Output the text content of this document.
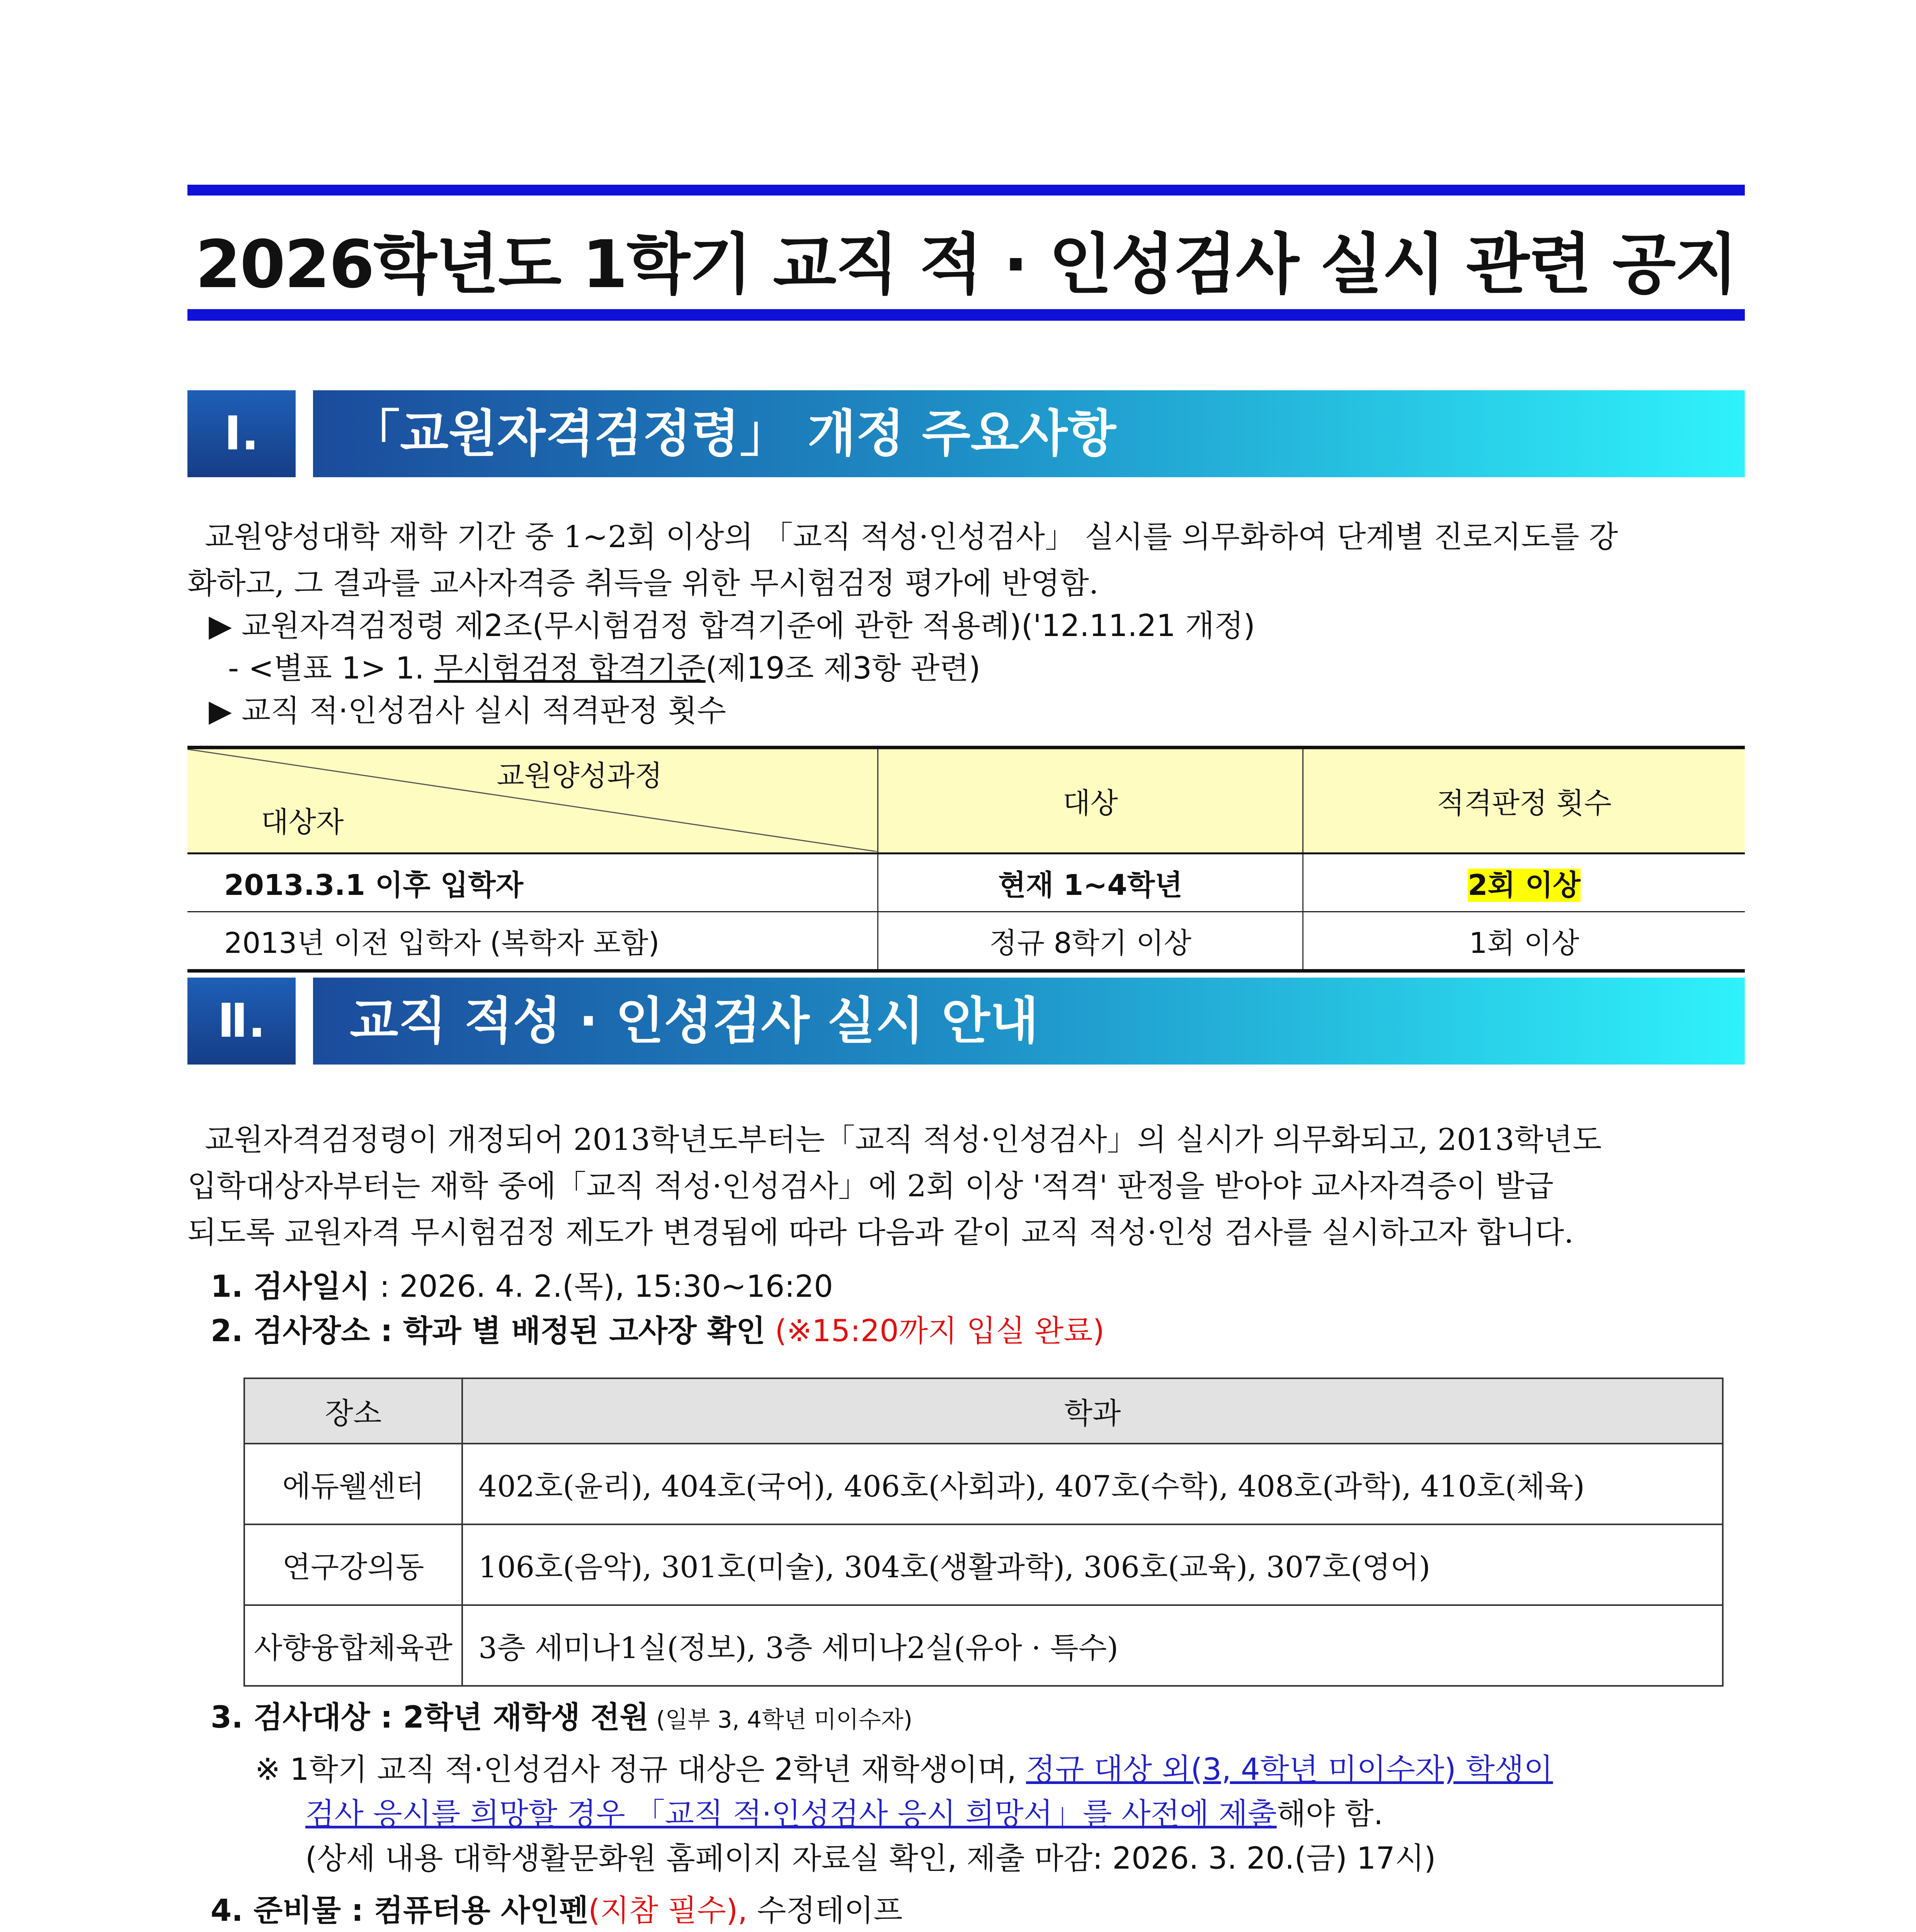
2026학년도 1학기 교직 적 · 인성검사 실시 관련 공지
Ⅰ.	「교원자격검정령」 개정 주요사항
교원양성대학 재학 기간 중 1~2회 이상의 「교직 적성·인성검사」 실시를 의무화하여 단계별 진로지도를 강
화하고, 그 결과를 교사자격증 취득을 위한 무시험검정 평가에 반영함.
▶ 교원자격검정령 제2조(무시험검정 합격기준에 관한 적용례)('12.11.21 개정)
- <별표 1> 1. 무시험검정 합격기준(제19조 제3항 관련)
▶ 교직 적·인성검사 실시 적격판정 횟수
교원양성과정
대상자	대상	적격판정 횟수
2013.3.1 이후 입학자	현재 1~4학년	2회 이상
2013년 이전 입학자 (복학자 포함)	정규 8학기 이상	1회 이상
Ⅱ.	교직 적성 · 인성검사 실시 안내
교원자격검정령이 개정되어 2013학년도부터는「교직 적성·인성검사」의 실시가 의무화되고, 2013학년도
입학대상자부터는 재학 중에「교직 적성·인성검사」에 2회 이상 '적격' 판정을 받아야 교사자격증이 발급
되도록 교원자격 무시험검정 제도가 변경됨에 따라 다음과 같이 교직 적성·인성 검사를 실시하고자 합니다.
1. 검사일시 : 2026. 4. 2.(목), 15:30~16:20
2. 검사장소 : 학과 별 배정된 고사장 확인 (※15:20까지 입실 완료)
장소	학과
에듀웰센터	402호(윤리), 404호(국어), 406호(사회과), 407호(수학), 408호(과학), 410호(체육)
연구강의동	106호(음악), 301호(미술), 304호(생활과학), 306호(교육), 307호(영어)
사향융합체육관	3층 세미나1실(정보), 3층 세미나2실(유아 · 특수)
3. 검사대상 : 2학년 재학생 전원 (일부 3, 4학년 미이수자)
※ 1학기 교직 적·인성검사 정규 대상은 2학년 재학생이며, 정규 대상 외(3, 4학년 미이수자) 학생이
검사 응시를 희망할 경우 「교직 적·인성검사 응시 희망서」를 사전에 제출해야 함.
(상세 내용 대학생활문화원 홈페이지 자료실 확인, 제출 마감: 2026. 3. 20.(금) 17시)
4. 준비물 : 컴퓨터용 사인펜(지참 필수), 수정테이프
